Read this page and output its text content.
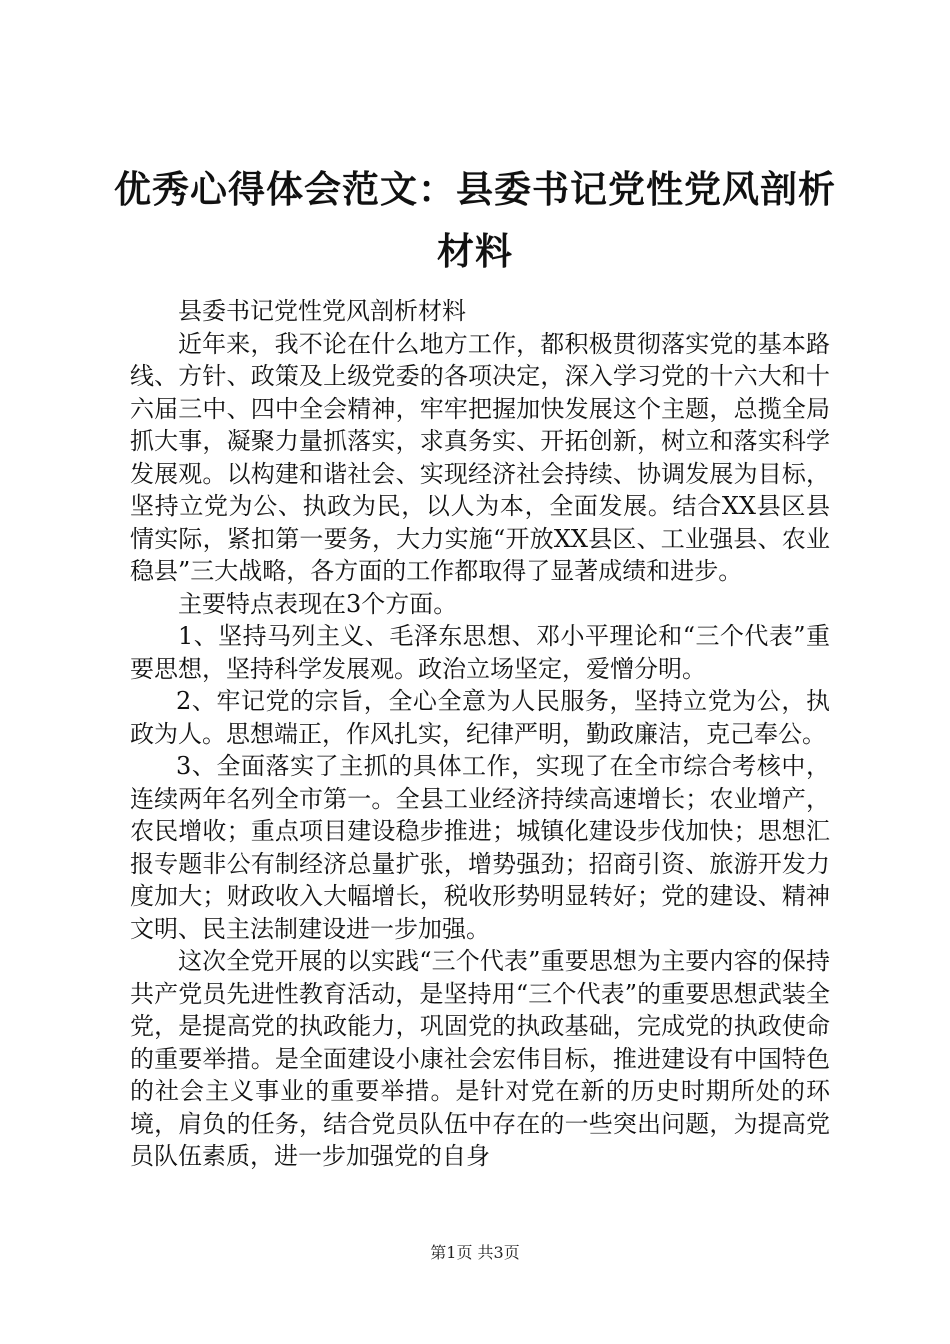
优秀心得体会范文：县委书记党性党风剖析材料

县委书记党性党风剖析材料

近年来，我不论在什么地方工作，都积极贯彻落实党的基本路线、方针、政策及上级党委的各项决定，深入学习党的十六大和十六届三中、四中全会精神，牢牢把握加快发展这个主题，总揽全局抓大事，凝聚力量抓落实，求真务实、开拓创新，树立和落实科学发展观。以构建和谐社会、实现经济社会持续、协调发展为目标，坚持立党为公、执政为民，以人为本，全面发展。结合XX县区县情实际，紧扣第一要务，大力实施“开放XX县区、工业强县、农业稳县”三大战略，各方面的工作都取得了显著成绩和进步。

主要特点表现在3个方面。

1、坚持马列主义、毛泽东思想、邓小平理论和“三个代表”重要思想，坚持科学发展观。政治立场坚定，爱憎分明。

2、牢记党的宗旨，全心全意为人民服务，坚持立党为公，执政为人。思想端正，作风扎实，纪律严明，勤政廉洁，克己奉公。

3、全面落实了主抓的具体工作，实现了在全市综合考核中，连续两年名列全市第一。全县工业经济持续高速增长；农业增产，农民增收；重点项目建设稳步推进；城镇化建设步伐加快；思想汇报专题非公有制经济总量扩张，增势强劲；招商引资、旅游开发力度加大；财政收入大幅增长，税收形势明显转好；党的建设、精神文明、民主法制建设进一步加强。

这次全党开展的以实践“三个代表”重要思想为主要内容的保持共产党员先进性教育活动，是坚持用“三个代表”的重要思想武装全党，是提高党的执政能力，巩固党的执政基础，完成党的执政使命的重要举措。是全面建设小康社会宏伟目标，推进建设有中国特色的社会主义事业的重要举措。是针对党在新的历史时期所处的环境，肩负的任务，结合党员队伍中存在的一些突出问题，为提高党员队伍素质，进一步加强党的自身

第1页 共3页
